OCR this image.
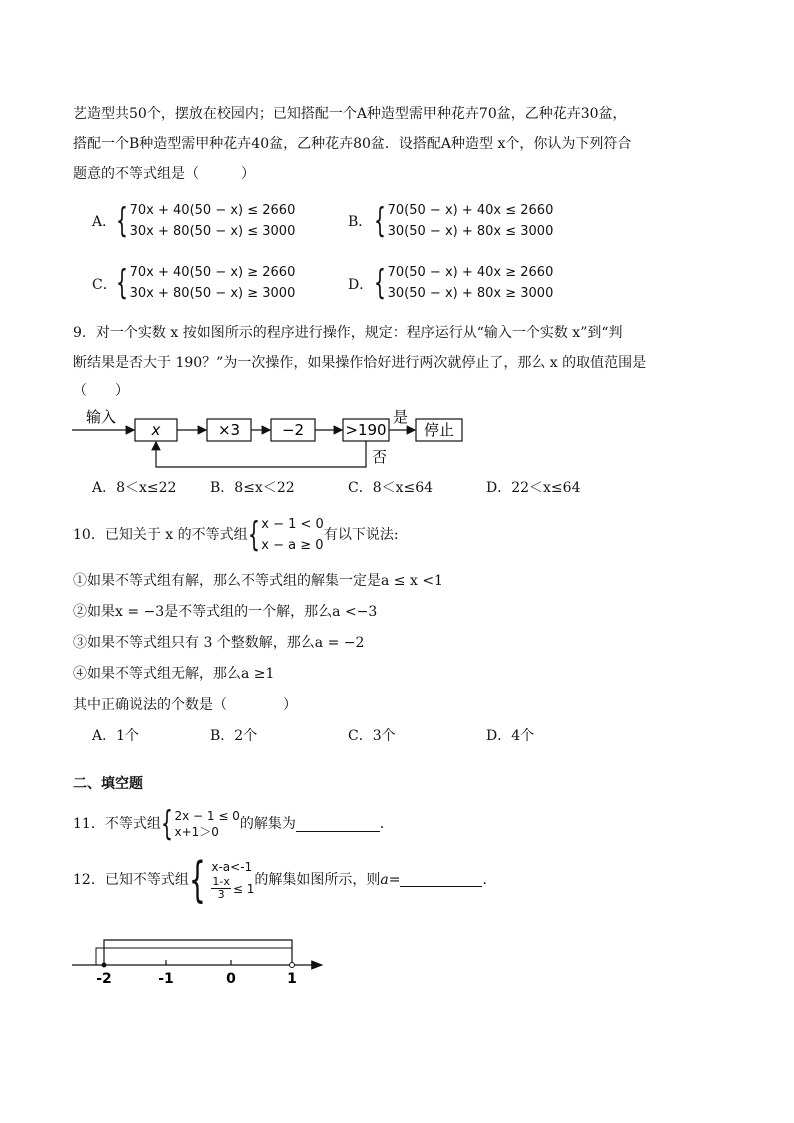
艺造型共50个，摆放在校园内；已知搭配一个A种造型需甲种花卉70盆，乙种花卉30盆，
搭配一个B种造型需甲种花卉40盆，乙种花卉80盆．设搭配A种造型 x个，你认为下列符合
题意的不等式组是（　　　）
A． { 70x + 40(50 − x) ≤ 2660
30x + 80(50 − x) ≤ 3000
B． { 70(50 − x) + 40x ≤ 2660
30(50 − x) + 80x ≤ 3000
C． { 70x + 40(50 − x) ≥ 2660
30x + 80(50 − x) ≥ 3000
D． { 70(50 − x) + 40x ≥ 2660
30(50 − x) + 80x ≥ 3000
9．对一个实数 x 按如图所示的程序进行操作，规定：程序运行从“输入一个实数 x”到“判
断结果是否大于 190？”为一次操作，如果操作恰好进行两次就停止了，那么 x 的取值范围是
（　　）
输入
x	×3	−2	>190
是
停止
否
A．8＜x≤22 B．8≤x＜22	C．8＜x≤64	D．22＜x≤64
10．已知关于 x 的不等式组 { x − 1 < 0
x − a ≥ 0
有以下说法:
①如果不等式组有解，那么不等式组的解集一定是a ≤ x <1
②如果x = −3是不等式组的一个解，那么a <−3
③如果不等式组只有 3 个整数解，那么a = −2
④如果不等式组无解，那么a ≥1
其中正确说法的个数是（　　　　）
A．1个	B．2个	C．3个	D．4个
二、填空题
11．不等式组 { 2x − 1 ≤ 0
x+1＞0	的解集为	．
12．已知不等式组 { x-a<-1
$\frac{1-x}{3} \le 1$
的解集如图所示，则 a=	．
-2	-1	0	1
